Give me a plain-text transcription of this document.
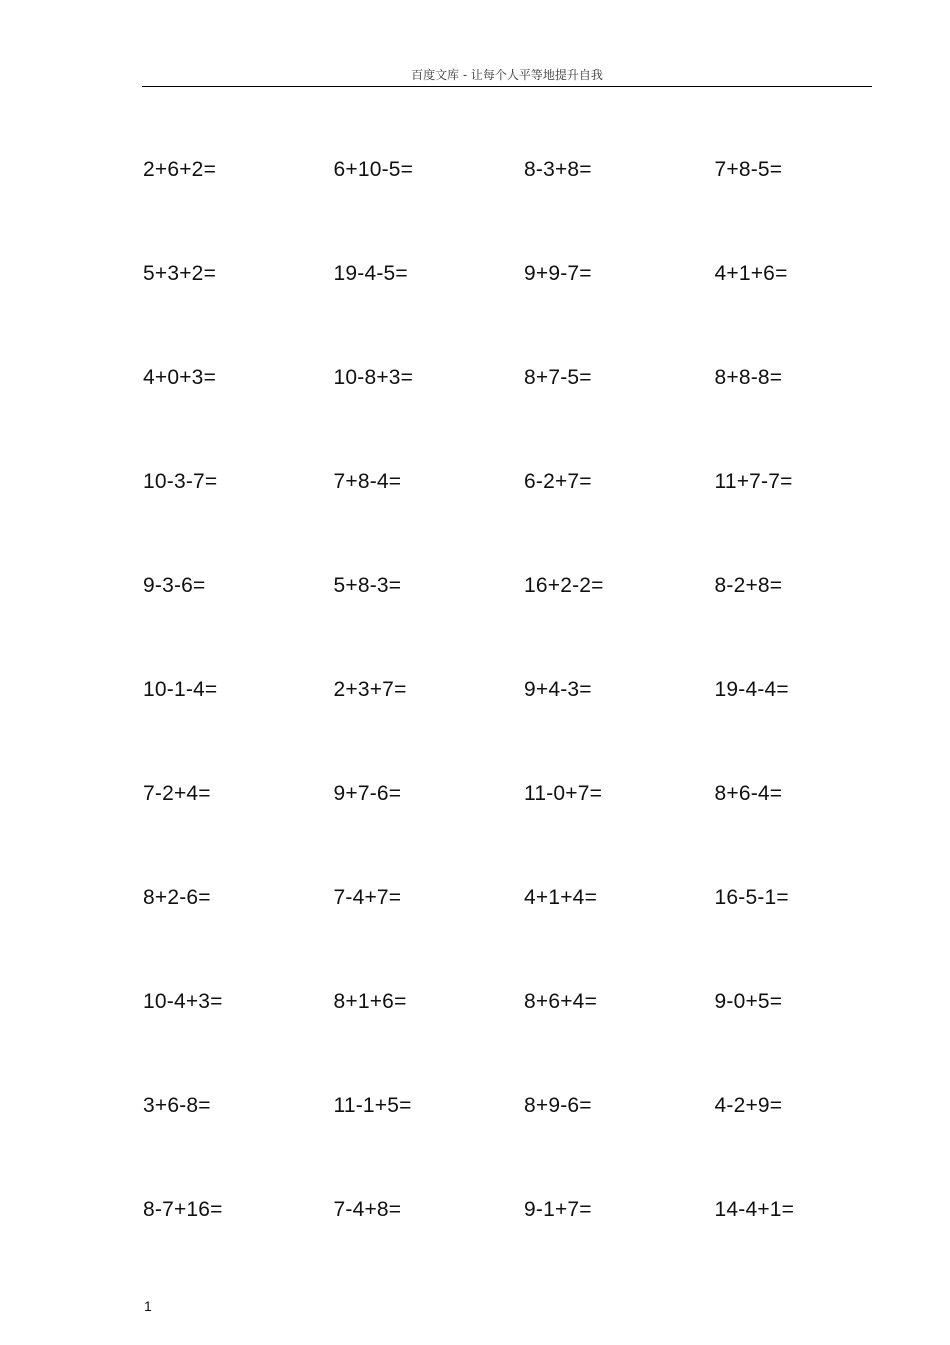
百度文库 - 让每个人平等地提升自我
2+6+2=	6+10-5=	8-3+8=	7+8-5=
5+3+2=	19-4-5=	9+9-7=	4+1+6=
4+0+3=	10-8+3=	8+7-5=	8+8-8=
10-3-7=	7+8-4=	6-2+7=	11+7-7=
9-3-6=	5+8-3=	16+2-2=	8-2+8=
10-1-4=	2+3+7=	9+4-3=	19-4-4=
7-2+4=	9+7-6=	11-0+7=	8+6-4=
8+2-6=	7-4+7=	4+1+4=	16-5-1=
10-4+3=	8+1+6=	8+6+4=	9-0+5=
3+6-8=	11-1+5=	8+9-6=	4-2+9=
8-7+16=	7-4+8=	9-1+7=	14-4+1=
1
